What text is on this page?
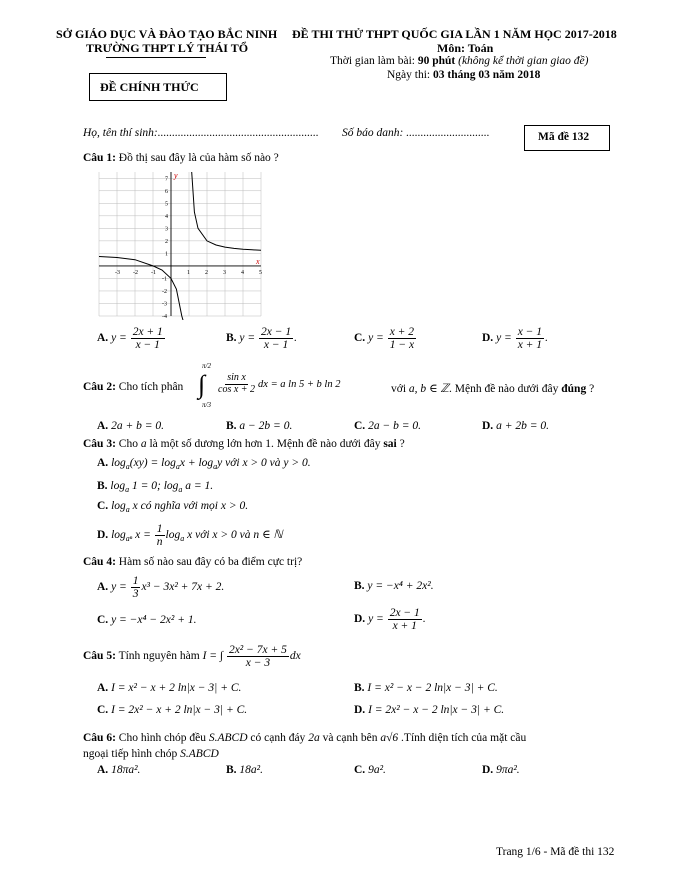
SỞ GIÁO DỤC VÀ ĐÀO TẠO BẮC NINH
TRƯỜNG THPT LÝ THÁI TỔ
ĐỀ THI THỬ THPT QUỐC GIA LẦN 1 NĂM HỌC 2017-2018
Môn: Toán
Thời gian làm bài: 90 phút (không kể thời gian giao đề)
Ngày thi: 03 tháng 03 năm 2018
ĐỀ CHÍNH THỨC
Họ, tên thí sinh:........................................................ Số báo danh: .............................	Mã đề 132
Câu 1: Đồ thị sau đây là của hàm số nào ?
x
y
-3 -2 -1	1	2	3	4	5
7
6
5
4
3
2
1
-1
-2
-3
-4
A. $y = \frac{2x + 1}{x - 1}$	B. $y = \frac{2x - 1}{x - 1}$ .	C. $y = \frac{x + 2}{1 - x}$	D. $y = \frac{x - 1}{x + 1}$ .
Câu 2: Cho tích phân
π/2
∫
π/3
$\frac{\text{sin x}}{\text{cos x + 2}}$ dx = a ln 5 + b ln 2	với a, b ∈ ℤ. Mệnh đề nào dưới đây đúng ?
A. 2a + b = 0.	B. a − 2b = 0.	C. 2a − b = 0.	D. a + 2b = 0.
Câu 3: Cho a là một số dương lớn hơn 1. Mệnh đề nào dưới đây sai ?
A. $\log_a(xy) = \log_ax + \log_ay$ với x > 0 và y > 0.
B. $\log_a 1 = 0$; $\log_a a = 1$.
C. $\log_a x$ có nghĩa với mọi x > 0.
D. $\log_{a^n} x = \frac{1}{n} \log_a x$ với x > 0 và n ∈ ℕ
Câu 4: Hàm số nào sau đây có ba điểm cực trị?
A. $y = \frac{1}{3} x^3 - 3x^2 + 7x + 2$.	B. y = −x⁴ + 2x².
C. y = −x⁴ − 2x² + 1.	D. $y = \frac{2x - 1}{x + 1}$ .
Câu 5: Tính nguyên hàm I = ∫ $\frac{\text{2x² − 7x + 5}}{x - 3}$ dx
A. I = x² − x + 2 ln|x − 3| + C.	B. I = x² − x − 2 ln|x − 3| + C.
C. I = 2x² − x + 2 ln|x − 3| + C.	D. I = 2x² − x − 2 ln|x − 3| + C.
Câu 6: Cho hình chóp đều S.ABCD có cạnh đáy 2a và cạnh bên a√6 .Tính diện tích của mặt cầu
ngoại tiếp hình chóp S.ABCD
A. 18πa².	B. 18a².	C. 9a².	D. 9πa².
Trang 1/6 - Mã đề thi 132
